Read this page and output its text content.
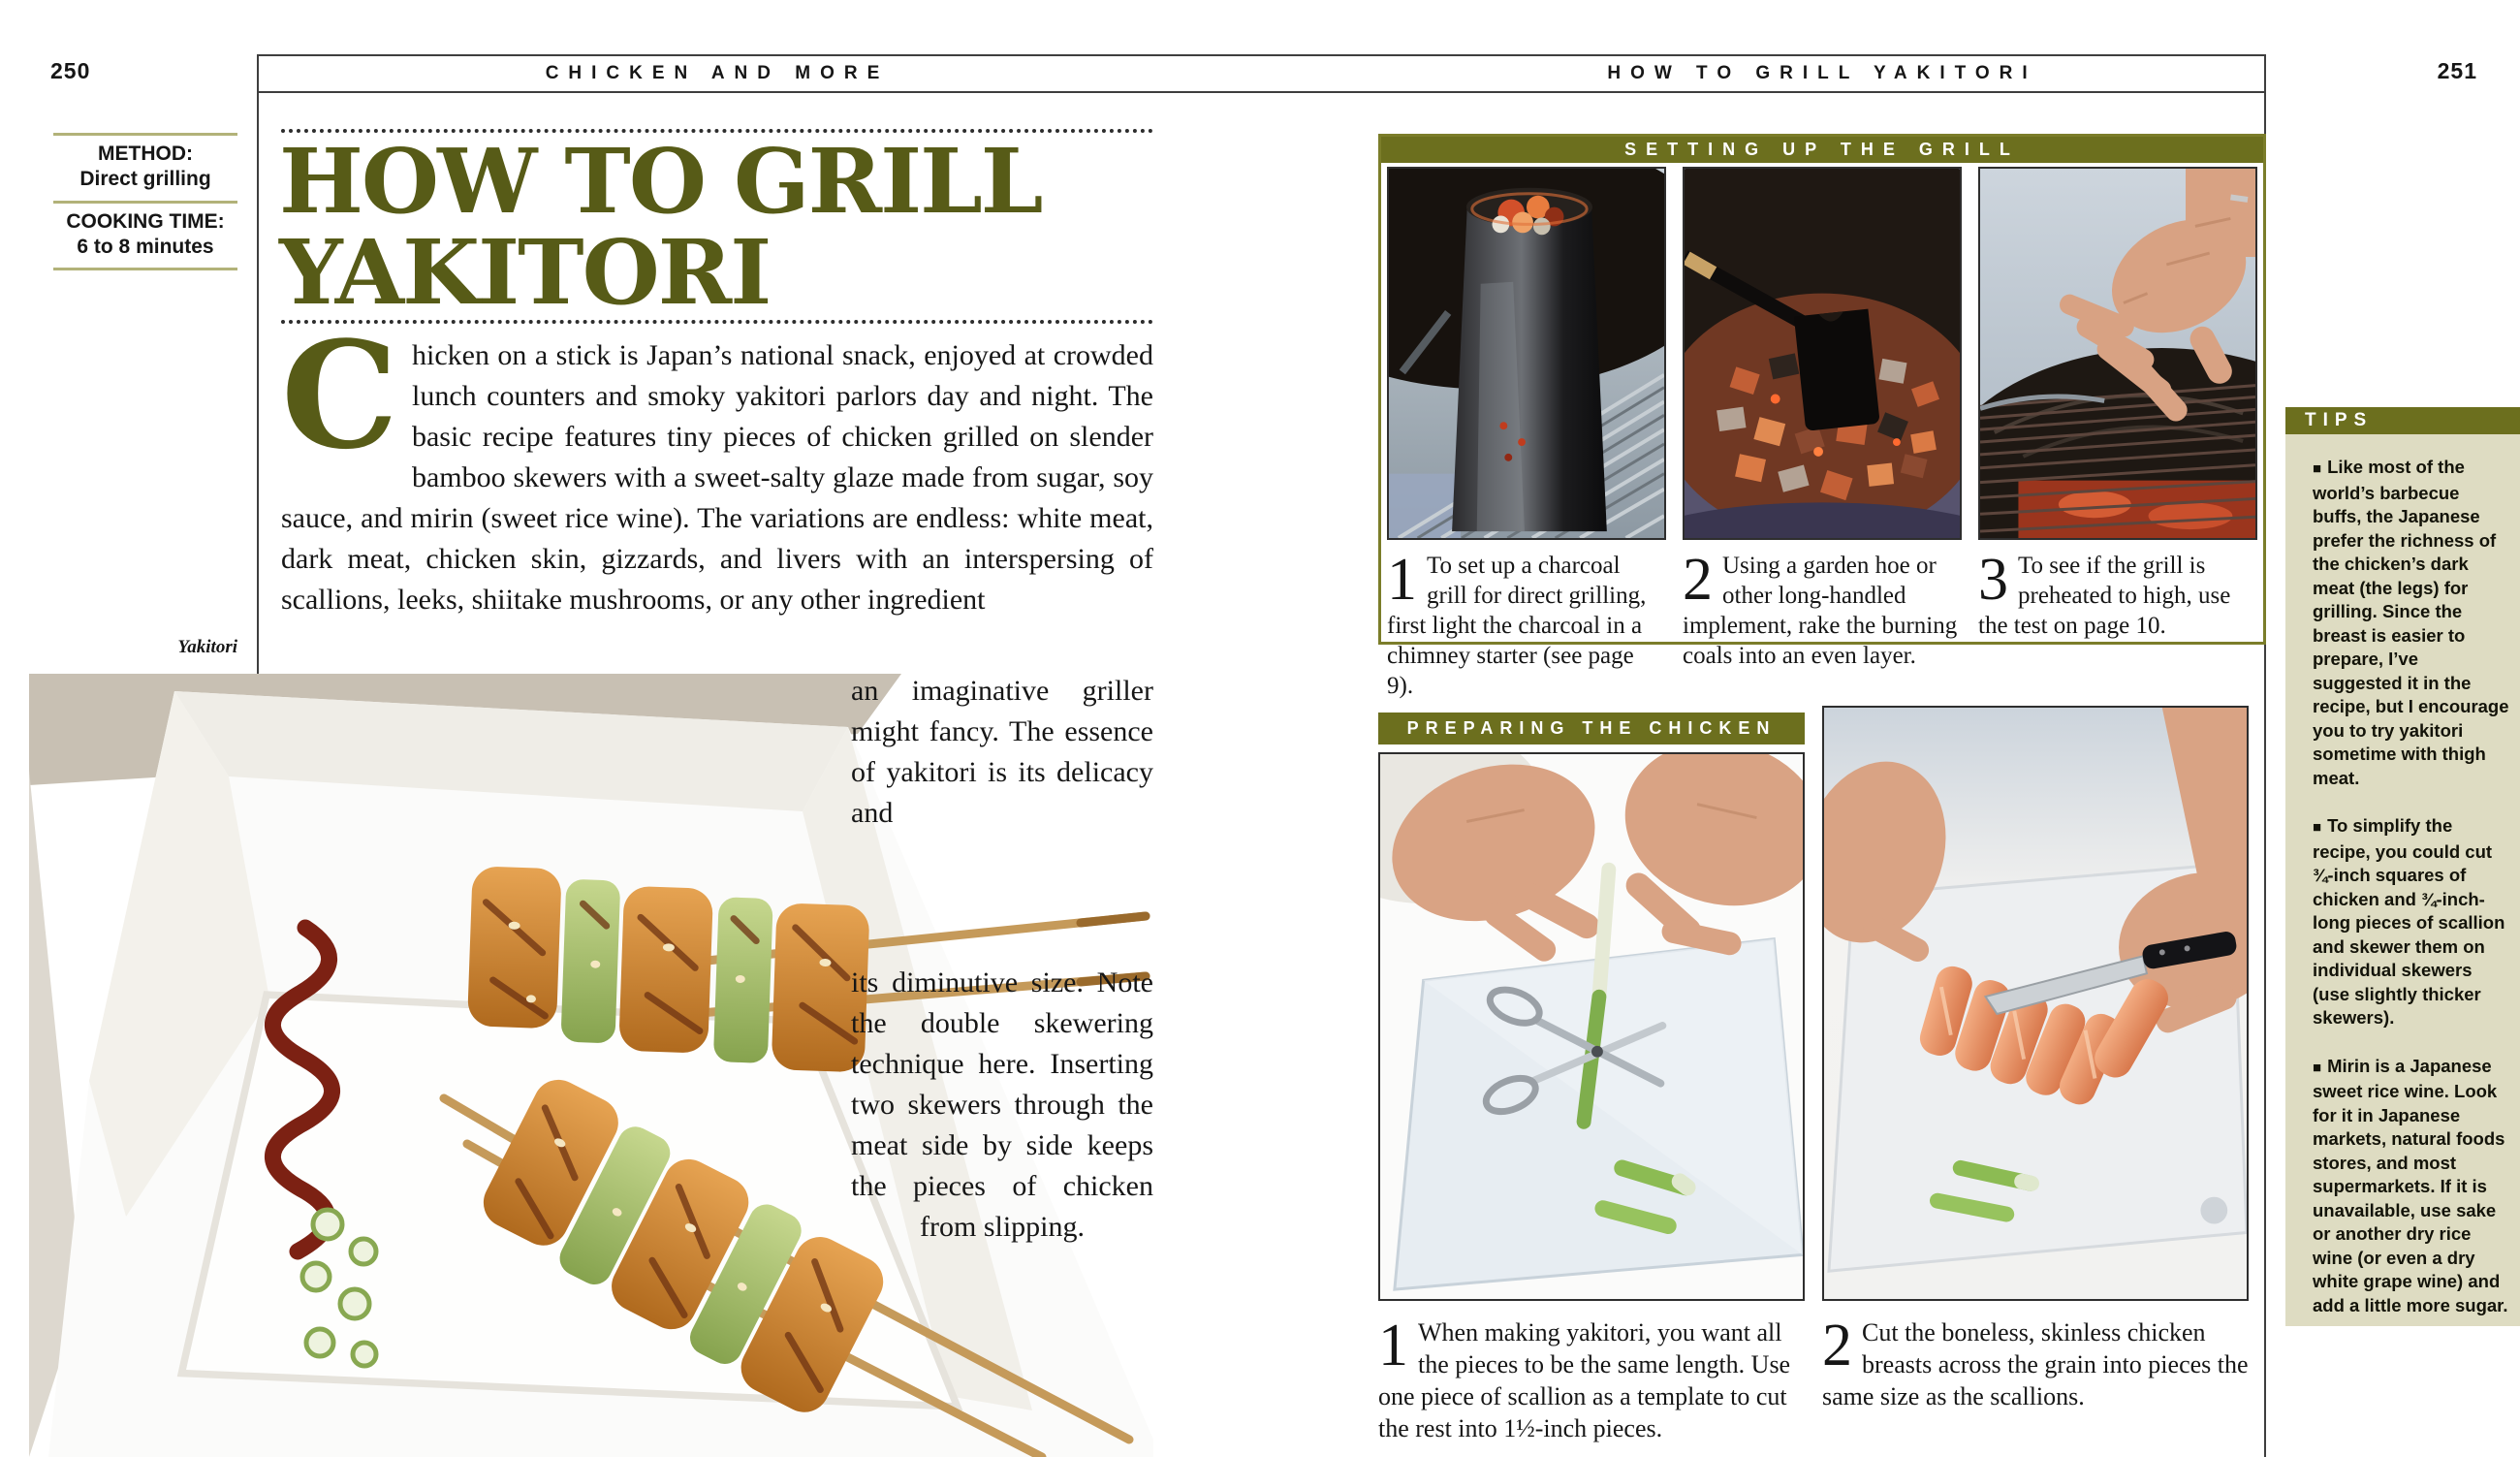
250	251
CHICKEN AND MORE	HOW TO GRILL YAKITORI
METHOD:
Direct grilling
COOKING TIME:
6 to 8 minutes
Yakitori
HOW TO GRILL
YAKITORI
Chicken on a stick is Japan’s national snack, enjoyed at crowded lunch counters and smoky yakitori parlors day and night. The basic recipe features tiny pieces of chicken grilled on slender bamboo skewers with a sweet-salty glaze made from sugar, soy sauce, and mirin (sweet rice wine). The variations are endless: white meat, dark meat, chicken skin, gizzards, and livers with an interspersing of scallions, leeks, shiitake mushrooms, or any other ingredient
an imaginative griller might fancy. The essence of yakitori is its delicacy and
its diminutive size. Note the double skewering technique here. Inserting two skewers through the meat side by side keeps the pieces of chicken from slipping.
SETTING UP THE GRILL
1 To set up a charcoal grill for direct grilling, first light the charcoal in a chimney starter (see page 9).
2 Using a garden hoe or other long-handled implement, rake the burning coals into an even layer.
3 To see if the grill is preheated to high, use the test on page 10.
PREPARING THE CHICKEN
1 When making yakitori, you want all the pieces to be the same length. Use one piece of scallion as a template to cut the rest into 1½-inch pieces.
2 Cut the boneless, skinless chicken breasts across the grain into pieces the same size as the scallions.
TIPS
■ Like most of the world’s barbecue buffs, the Japanese prefer the richness of the chicken’s dark meat (the legs) for grilling. Since the breast is easier to prepare, I’ve suggested it in the recipe, but I encourage you to try yakitori sometime with thigh meat.
■ To simplify the recipe, you could cut ¾-inch squares of chicken and ¾-inch-long pieces of scallion and skewer them on individual skewers (use slightly thicker skewers).
■ Mirin is a Japanese sweet rice wine. Look for it in Japanese markets, natural foods stores, and most supermarkets. If it is unavailable, use sake or another dry rice wine (or even a dry white grape wine) and add a little more sugar.
